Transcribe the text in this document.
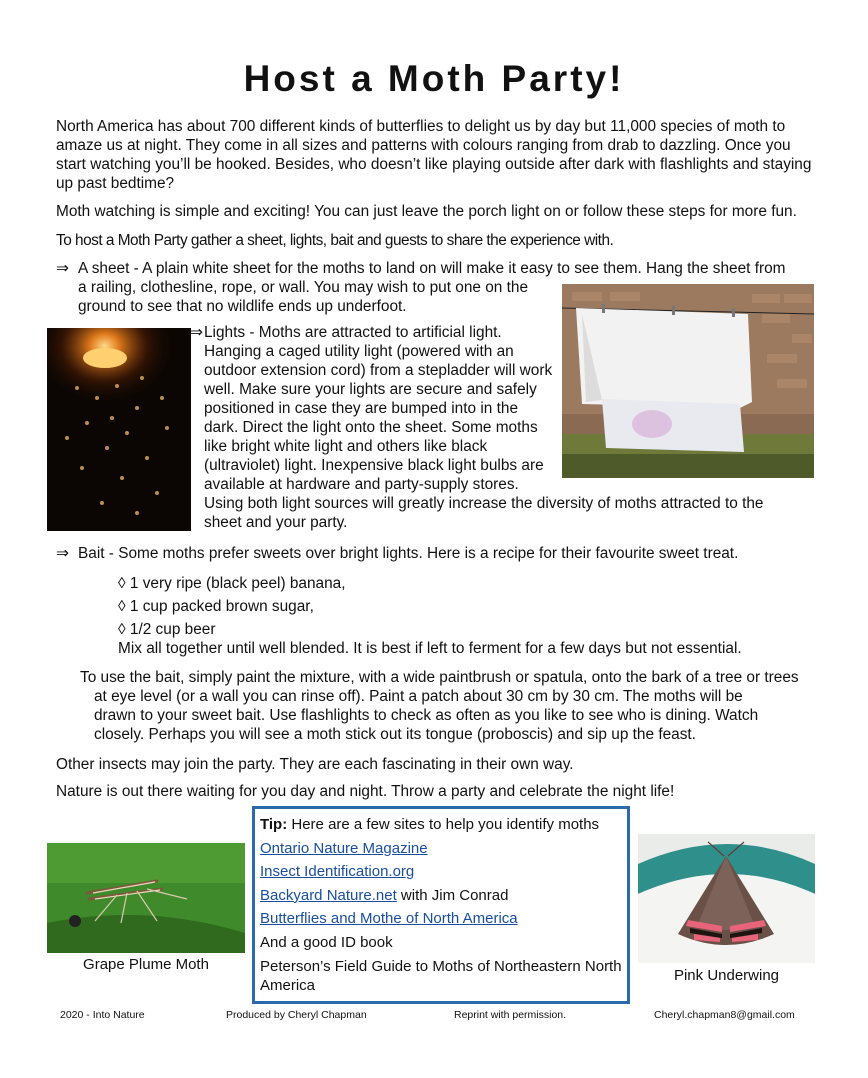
Host a Moth Party!
North America has about 700 different kinds of butterflies to delight us by day but 11,000 species of moth to amaze us at night. They come in all sizes and patterns with colours ranging from drab to dazzling. Once you start watching you’ll be hooked. Besides, who doesn’t like playing outside after dark with flashlights and staying up past bedtime?
Moth watching is simple and exciting! You can just leave the porch light on or follow these steps for more fun.
To host a Moth Party gather a sheet, lights, bait and guests to share the experience with.
⇒ A sheet - A plain white sheet for the moths to land on will make it easy to see them. Hang the sheet from
a railing, clothesline, rope, or wall. You may wish to put one on the
ground to see that no wildlife ends up underfoot.
⇒Lights - Moths are attracted to artificial light.
Hanging a caged utility light (powered with an
outdoor extension cord) from a stepladder will work
well. Make sure your lights are secure and safely
positioned in case they are bumped into in the
dark. Direct the light onto the sheet. Some moths
like bright white light and others like black
(ultraviolet) light. Inexpensive black light bulbs are
available at hardware and party-supply stores.
Using both light sources will greatly increase the diversity of moths attracted to the
sheet and your party.
⇒ Bait - Some moths prefer sweets over bright lights. Here is a recipe for their favourite sweet treat.
◊ 1 very ripe (black peel) banana,
◊ 1 cup packed brown sugar,
◊ 1/2 cup beer
Mix all together until well blended. It is best if left to ferment for a few days but not essential.
To use the bait, simply paint the mixture, with a wide paintbrush or spatula, onto the bark of a tree or trees
at eye level (or a wall you can rinse off). Paint a patch about 30 cm by 30 cm. The moths will be
drawn to your sweet bait. Use flashlights to check as often as you like to see who is dining. Watch
closely. Perhaps you will see a moth stick out its tongue (proboscis) and sip up the feast.
Other insects may join the party. They are each fascinating in their own way.
Nature is out there waiting for you day and night. Throw a party and celebrate the night life!
Grape Plume Moth
Tip: Here are a few sites to help you identify moths
Ontario Nature Magazine
Insect Identification.org
Backyard Nature.net with Jim Conrad
Butterflies and Mothe of North America
And a good ID book
Peterson’s Field Guide to Moths of Northeastern North America
Pink Underwing
2020 - Into Nature	Produced by Cheryl Chapman	Reprint with permission.	Cheryl.chapman8@gmail.com
